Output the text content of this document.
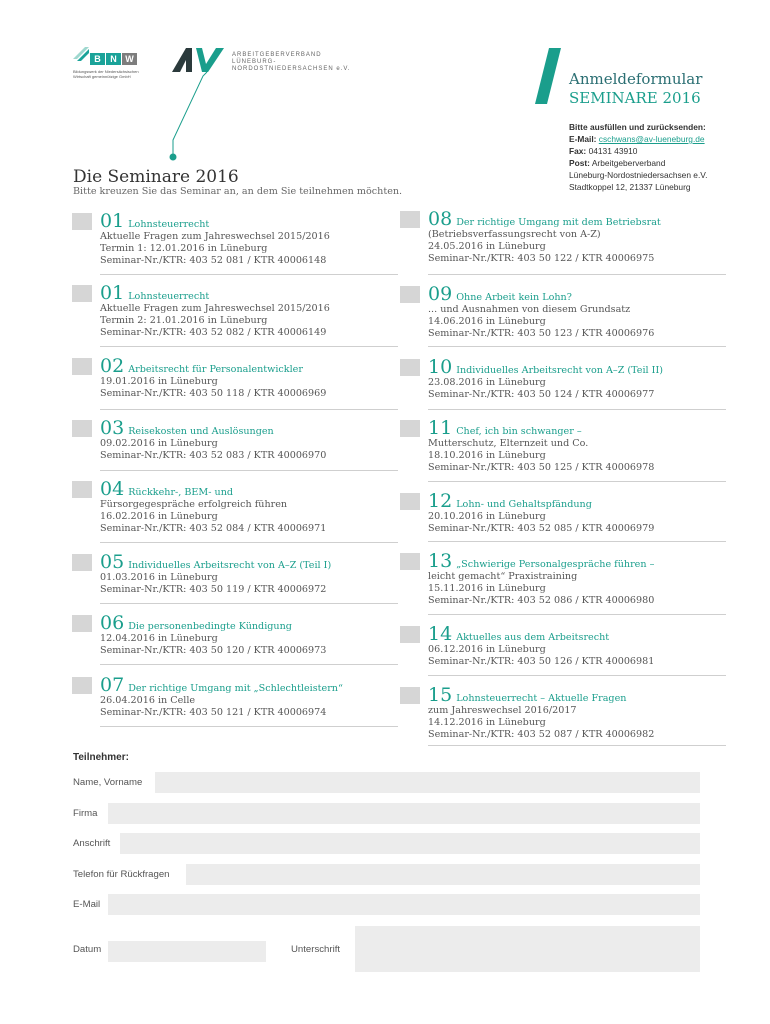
B N W
Bildungswerk der Niedersächsischen Wirtschaft gemeinnützige GmbH
ARBEITGEBERVERBAND
LÜNEBURG-
NORDOSTNIEDERSACHSEN e.V.
Anmeldeformular
SEMINARE 2016
Bitte ausfüllen und zurücksenden:
E-Mail: cschwans@av-lueneburg.de
Fax: 04131 43910
Post: Arbeitgeberverband
Lüneburg-Nordostniedersachsen e.V.
Stadtkoppel 12, 21337 Lüneburg
Die Seminare 2016
Bitte kreuzen Sie das Seminar an, an dem Sie teilnehmen möchten.
01 Lohnsteuerrecht
Aktuelle Fragen zum Jahreswechsel 2015/2016
Termin 1: 12.01.2016 in Lüneburg
Seminar-Nr./KTR: 403 52 081 / KTR 40006148
01 Lohnsteuerrecht
Aktuelle Fragen zum Jahreswechsel 2015/2016
Termin 2: 21.01.2016 in Lüneburg
Seminar-Nr./KTR: 403 52 082 / KTR 40006149
02 Arbeitsrecht für Personalentwickler
19.01.2016 in Lüneburg
Seminar-Nr./KTR: 403 50 118 / KTR 40006969
03 Reisekosten und Auslösungen
09.02.2016 in Lüneburg
Seminar-Nr./KTR: 403 52 083 / KTR 40006970
04 Rückkehr-, BEM- und
Fürsorgegespräche erfolgreich führen
16.02.2016 in Lüneburg
Seminar-Nr./KTR: 403 52 084 / KTR 40006971
05 Individuelles Arbeitsrecht von A–Z (Teil I)
01.03.2016 in Lüneburg
Seminar-Nr./KTR: 403 50 119 / KTR 40006972
06 Die personenbedingte Kündigung
12.04.2016 in Lüneburg
Seminar-Nr./KTR: 403 50 120 / KTR 40006973
07 Der richtige Umgang mit „Schlechtleistern“
26.04.2016 in Celle
Seminar-Nr./KTR: 403 50 121 / KTR 40006974
08 Der richtige Umgang mit dem Betriebsrat
(Betriebsverfassungsrecht von A-Z)
24.05.2016 in Lüneburg
Seminar-Nr./KTR: 403 50 122 / KTR 40006975
09 Ohne Arbeit kein Lohn?
... und Ausnahmen von diesem Grundsatz
14.06.2016 in Lüneburg
Seminar-Nr./KTR: 403 50 123 / KTR 40006976
10 Individuelles Arbeitsrecht von A–Z (Teil II)
23.08.2016 in Lüneburg
Seminar-Nr./KTR: 403 50 124 / KTR 40006977
11 Chef, ich bin schwanger –
Mutterschutz, Elternzeit und Co.
18.10.2016 in Lüneburg
Seminar-Nr./KTR: 403 50 125 / KTR 40006978
12 Lohn- und Gehaltspfändung
20.10.2016 in Lüneburg
Seminar-Nr./KTR: 403 52 085 / KTR 40006979
13 „Schwierige Personalgespräche führen –
leicht gemacht“ Praxistraining
15.11.2016 in Lüneburg
Seminar-Nr./KTR: 403 52 086 / KTR 40006980
14 Aktuelles aus dem Arbeitsrecht
06.12.2016 in Lüneburg
Seminar-Nr./KTR: 403 50 126 / KTR 40006981
15 Lohnsteuerrecht – Aktuelle Fragen
zum Jahreswechsel 2016/2017
14.12.2016 in Lüneburg
Seminar-Nr./KTR: 403 52 087 / KTR 40006982
Teilnehmer:
Name, Vorname
Firma
Anschrift
Telefon für Rückfragen
E-Mail
Datum	Unterschrift
